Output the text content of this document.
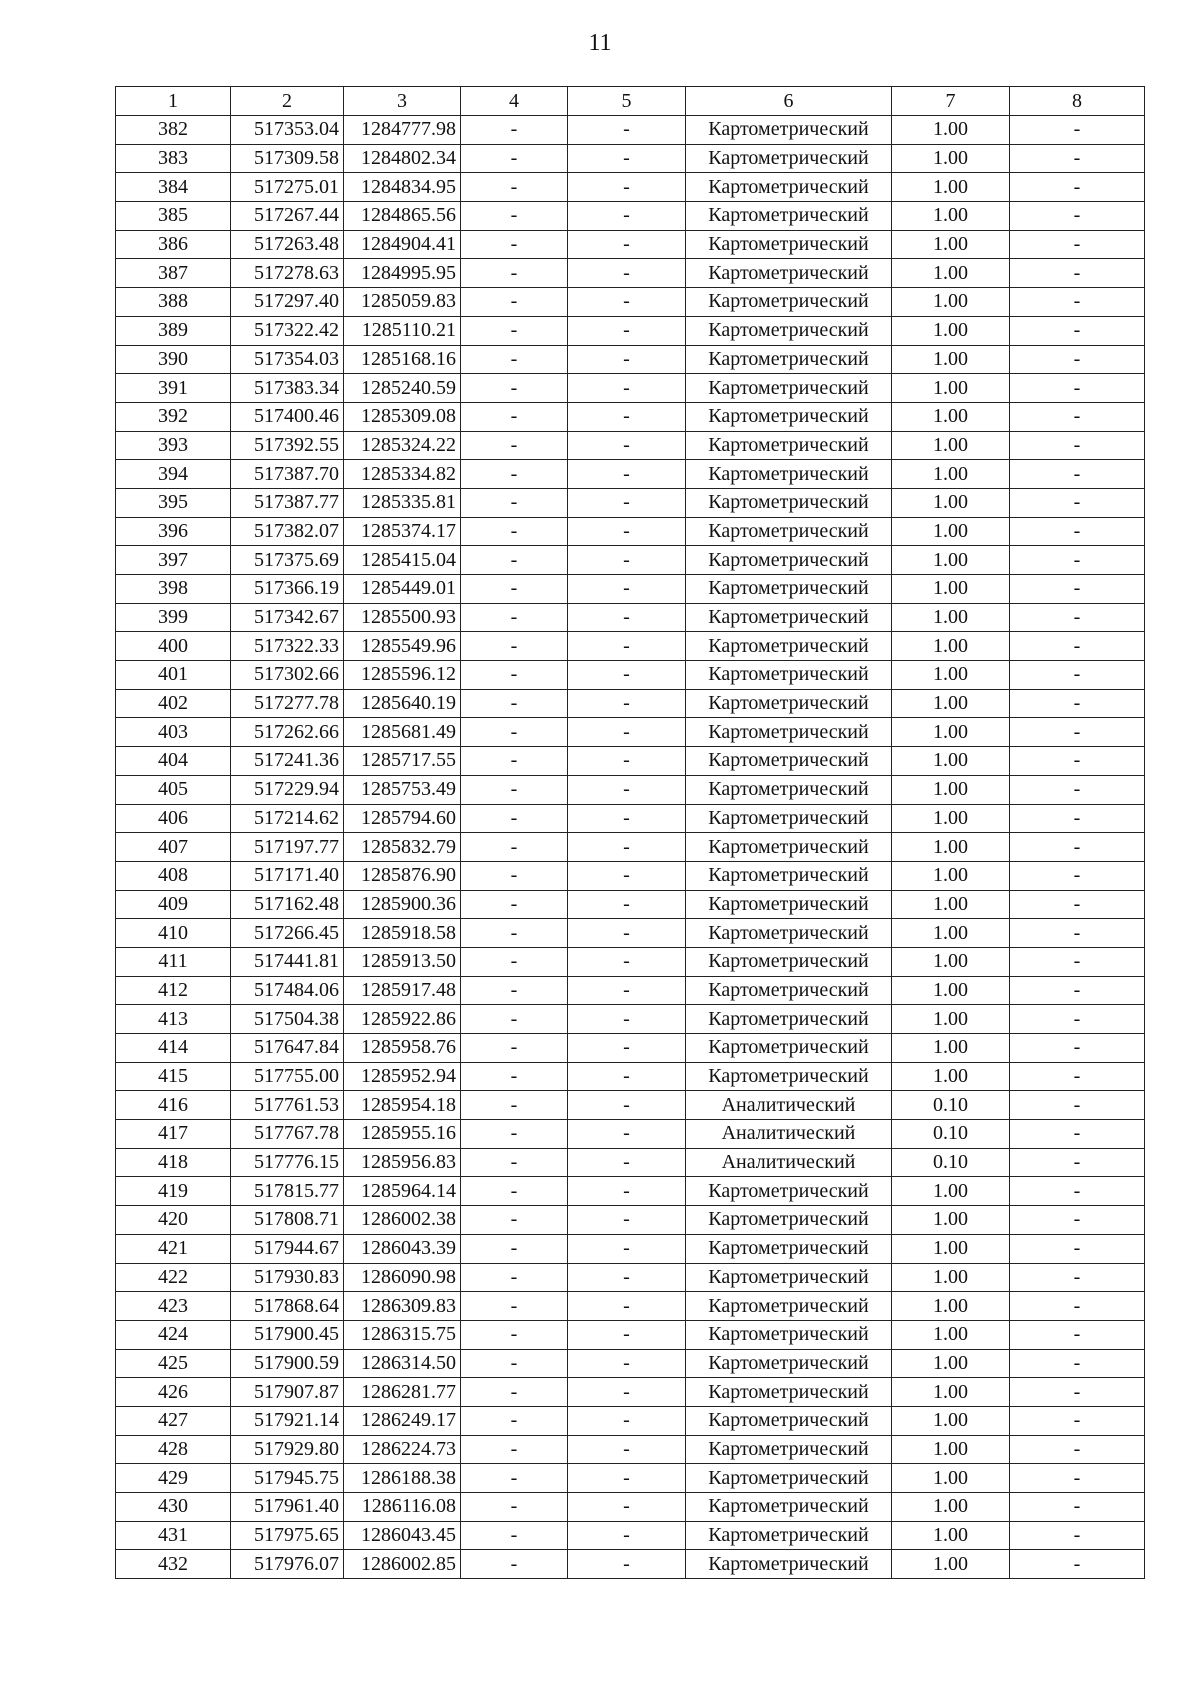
11
1	2	3	4	5	6	7	8
382	517353.04	1284777.98	-	-	Картометрический	1.00	-
383	517309.58	1284802.34	-	-	Картометрический	1.00	-
384	517275.01	1284834.95	-	-	Картометрический	1.00	-
385	517267.44	1284865.56	-	-	Картометрический	1.00	-
386	517263.48	1284904.41	-	-	Картометрический	1.00	-
387	517278.63	1284995.95	-	-	Картометрический	1.00	-
388	517297.40	1285059.83	-	-	Картометрический	1.00	-
389	517322.42	1285110.21	-	-	Картометрический	1.00	-
390	517354.03	1285168.16	-	-	Картометрический	1.00	-
391	517383.34	1285240.59	-	-	Картометрический	1.00	-
392	517400.46	1285309.08	-	-	Картометрический	1.00	-
393	517392.55	1285324.22	-	-	Картометрический	1.00	-
394	517387.70	1285334.82	-	-	Картометрический	1.00	-
395	517387.77	1285335.81	-	-	Картометрический	1.00	-
396	517382.07	1285374.17	-	-	Картометрический	1.00	-
397	517375.69	1285415.04	-	-	Картометрический	1.00	-
398	517366.19	1285449.01	-	-	Картометрический	1.00	-
399	517342.67	1285500.93	-	-	Картометрический	1.00	-
400	517322.33	1285549.96	-	-	Картометрический	1.00	-
401	517302.66	1285596.12	-	-	Картометрический	1.00	-
402	517277.78	1285640.19	-	-	Картометрический	1.00	-
403	517262.66	1285681.49	-	-	Картометрический	1.00	-
404	517241.36	1285717.55	-	-	Картометрический	1.00	-
405	517229.94	1285753.49	-	-	Картометрический	1.00	-
406	517214.62	1285794.60	-	-	Картометрический	1.00	-
407	517197.77	1285832.79	-	-	Картометрический	1.00	-
408	517171.40	1285876.90	-	-	Картометрический	1.00	-
409	517162.48	1285900.36	-	-	Картометрический	1.00	-
410	517266.45	1285918.58	-	-	Картометрический	1.00	-
411	517441.81	1285913.50	-	-	Картометрический	1.00	-
412	517484.06	1285917.48	-	-	Картометрический	1.00	-
413	517504.38	1285922.86	-	-	Картометрический	1.00	-
414	517647.84	1285958.76	-	-	Картометрический	1.00	-
415	517755.00	1285952.94	-	-	Картометрический	1.00	-
416	517761.53	1285954.18	-	-	Аналитический	0.10	-
417	517767.78	1285955.16	-	-	Аналитический	0.10	-
418	517776.15	1285956.83	-	-	Аналитический	0.10	-
419	517815.77	1285964.14	-	-	Картометрический	1.00	-
420	517808.71	1286002.38	-	-	Картометрический	1.00	-
421	517944.67	1286043.39	-	-	Картометрический	1.00	-
422	517930.83	1286090.98	-	-	Картометрический	1.00	-
423	517868.64	1286309.83	-	-	Картометрический	1.00	-
424	517900.45	1286315.75	-	-	Картометрический	1.00	-
425	517900.59	1286314.50	-	-	Картометрический	1.00	-
426	517907.87	1286281.77	-	-	Картометрический	1.00	-
427	517921.14	1286249.17	-	-	Картометрический	1.00	-
428	517929.80	1286224.73	-	-	Картометрический	1.00	-
429	517945.75	1286188.38	-	-	Картометрический	1.00	-
430	517961.40	1286116.08	-	-	Картометрический	1.00	-
431	517975.65	1286043.45	-	-	Картометрический	1.00	-
432	517976.07	1286002.85	-	-	Картометрический	1.00	-
